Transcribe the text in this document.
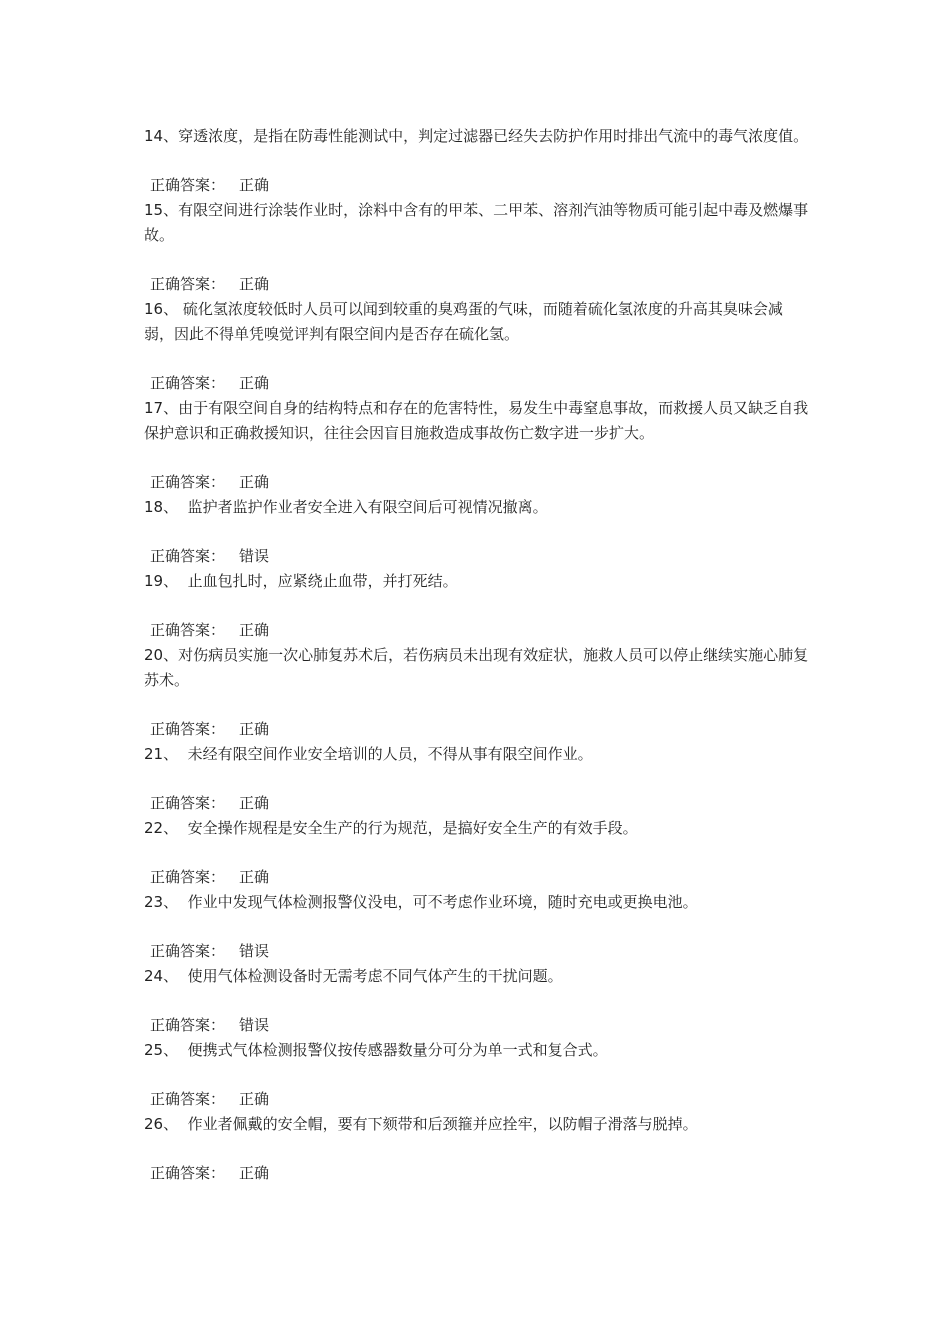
14、穿透浓度，是指在防毒性能测试中，判定过滤器已经失去防护作用时排出气流中的毒气浓度值。

正确答案： 正确

15、有限空间进行涂装作业时，涂料中含有的甲苯、二甲苯、溶剂汽油等物质可能引起中毒及燃爆事故。

正确答案： 正确

16、 硫化氢浓度较低时人员可以闻到较重的臭鸡蛋的气味，而随着硫化氢浓度的升高其臭味会减弱，因此不得单凭嗅觉评判有限空间内是否存在硫化氢。

正确答案： 正确

17、由于有限空间自身的结构特点和存在的危害特性，易发生中毒窒息事故，而救援人员又缺乏自我保护意识和正确救援知识，往往会因盲目施救造成事故伤亡数字进一步扩大。

正确答案： 正确

18、  监护者监护作业者安全进入有限空间后可视情况撤离。

正确答案： 错误

19、  止血包扎时，应紧绕止血带，并打死结。

正确答案： 正确

20、对伤病员实施一次心肺复苏术后，若伤病员未出现有效症状，施救人员可以停止继续实施心肺复苏术。

正确答案： 正确

21、  未经有限空间作业安全培训的人员，不得从事有限空间作业。

正确答案： 正确

22、  安全操作规程是安全生产的行为规范，是搞好安全生产的有效手段。

正确答案： 正确

23、  作业中发现气体检测报警仪没电，可不考虑作业环境，随时充电或更换电池。

正确答案： 错误

24、  使用气体检测设备时无需考虑不同气体产生的干扰问题。

正确答案： 错误

25、  便携式气体检测报警仪按传感器数量分可分为单一式和复合式。

正确答案： 正确

26、  作业者佩戴的安全帽，要有下颏带和后颈箍并应拴牢，以防帽子滑落与脱掉。

正确答案： 正确
